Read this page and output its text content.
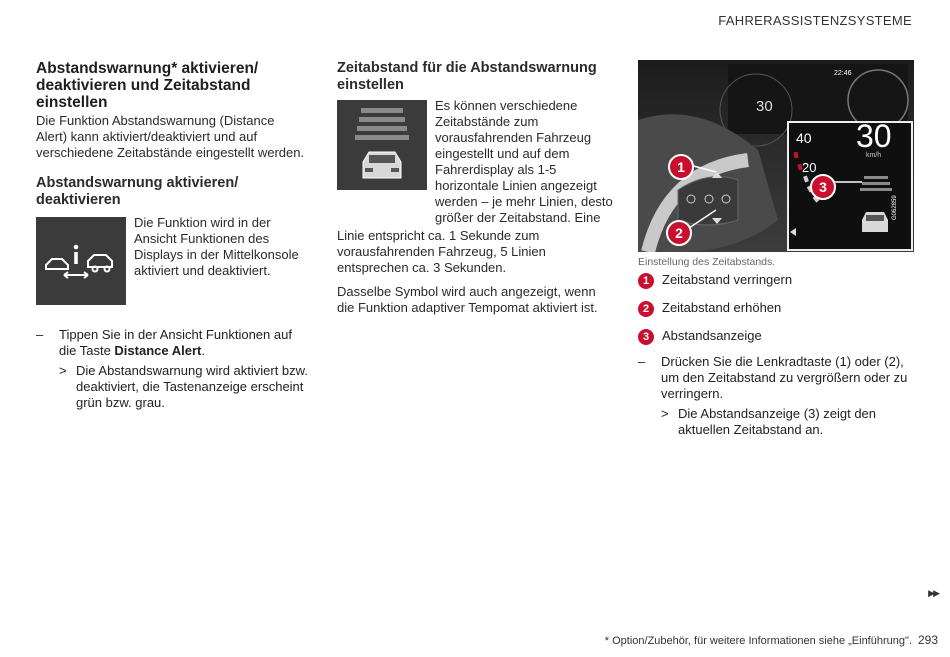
FAHRERASSISTENZSYSTEME
Abstandswarnung* aktivieren/ deaktivieren und Zeitabstand einstellen

Die Funktion Abstandswarnung (Distance Alert) kann aktiviert/deaktiviert und auf verschiedene Zeitabstände eingestellt werden.

Abstandswarnung aktivieren/ deaktivieren

Die Funktion wird in der Ansicht Funktionen des Displays in der Mittelkonsole aktiviert und deaktiviert.

– Tippen Sie in der Ansicht Funktionen auf die Taste Distance Alert.
> Die Abstandswarnung wird aktiviert bzw. deaktiviert, die Tastenanzeige erscheint grün bzw. grau.
Zeitabstand für die Abstandswarnung einstellen

Es können verschiedene Zeitabstände zum vorausfahrenden Fahrzeug eingestellt und auf dem Fahrerdisplay als 1-5 horizontale Linien angezeigt werden – je mehr Linien, desto größer der Zeitabstand. Eine

Linie entspricht ca. 1 Sekunde zum vorausfahrenden Fahrzeug, 5 Linien entsprechen ca. 3 Sekunden.

Dasselbe Symbol wird auch angezeigt, wenn die Funktion adaptiver Tempomat aktiviert ist.

22:46
30
40
20
30
km/h
G062859
1
2
3
Einstellung des Zeitabstands.
1 Zeitabstand verringern
2 Zeitabstand erhöhen
3 Abstandsanzeige
– Drücken Sie die Lenkradtaste (1) oder (2), um den Zeitabstand zu vergrößern oder zu verringern.
> Die Abstandsanzeige (3) zeigt den aktuellen Zeitabstand an.
▶▶
* Option/Zubehör, für weitere Informationen siehe „Einführung". 293
